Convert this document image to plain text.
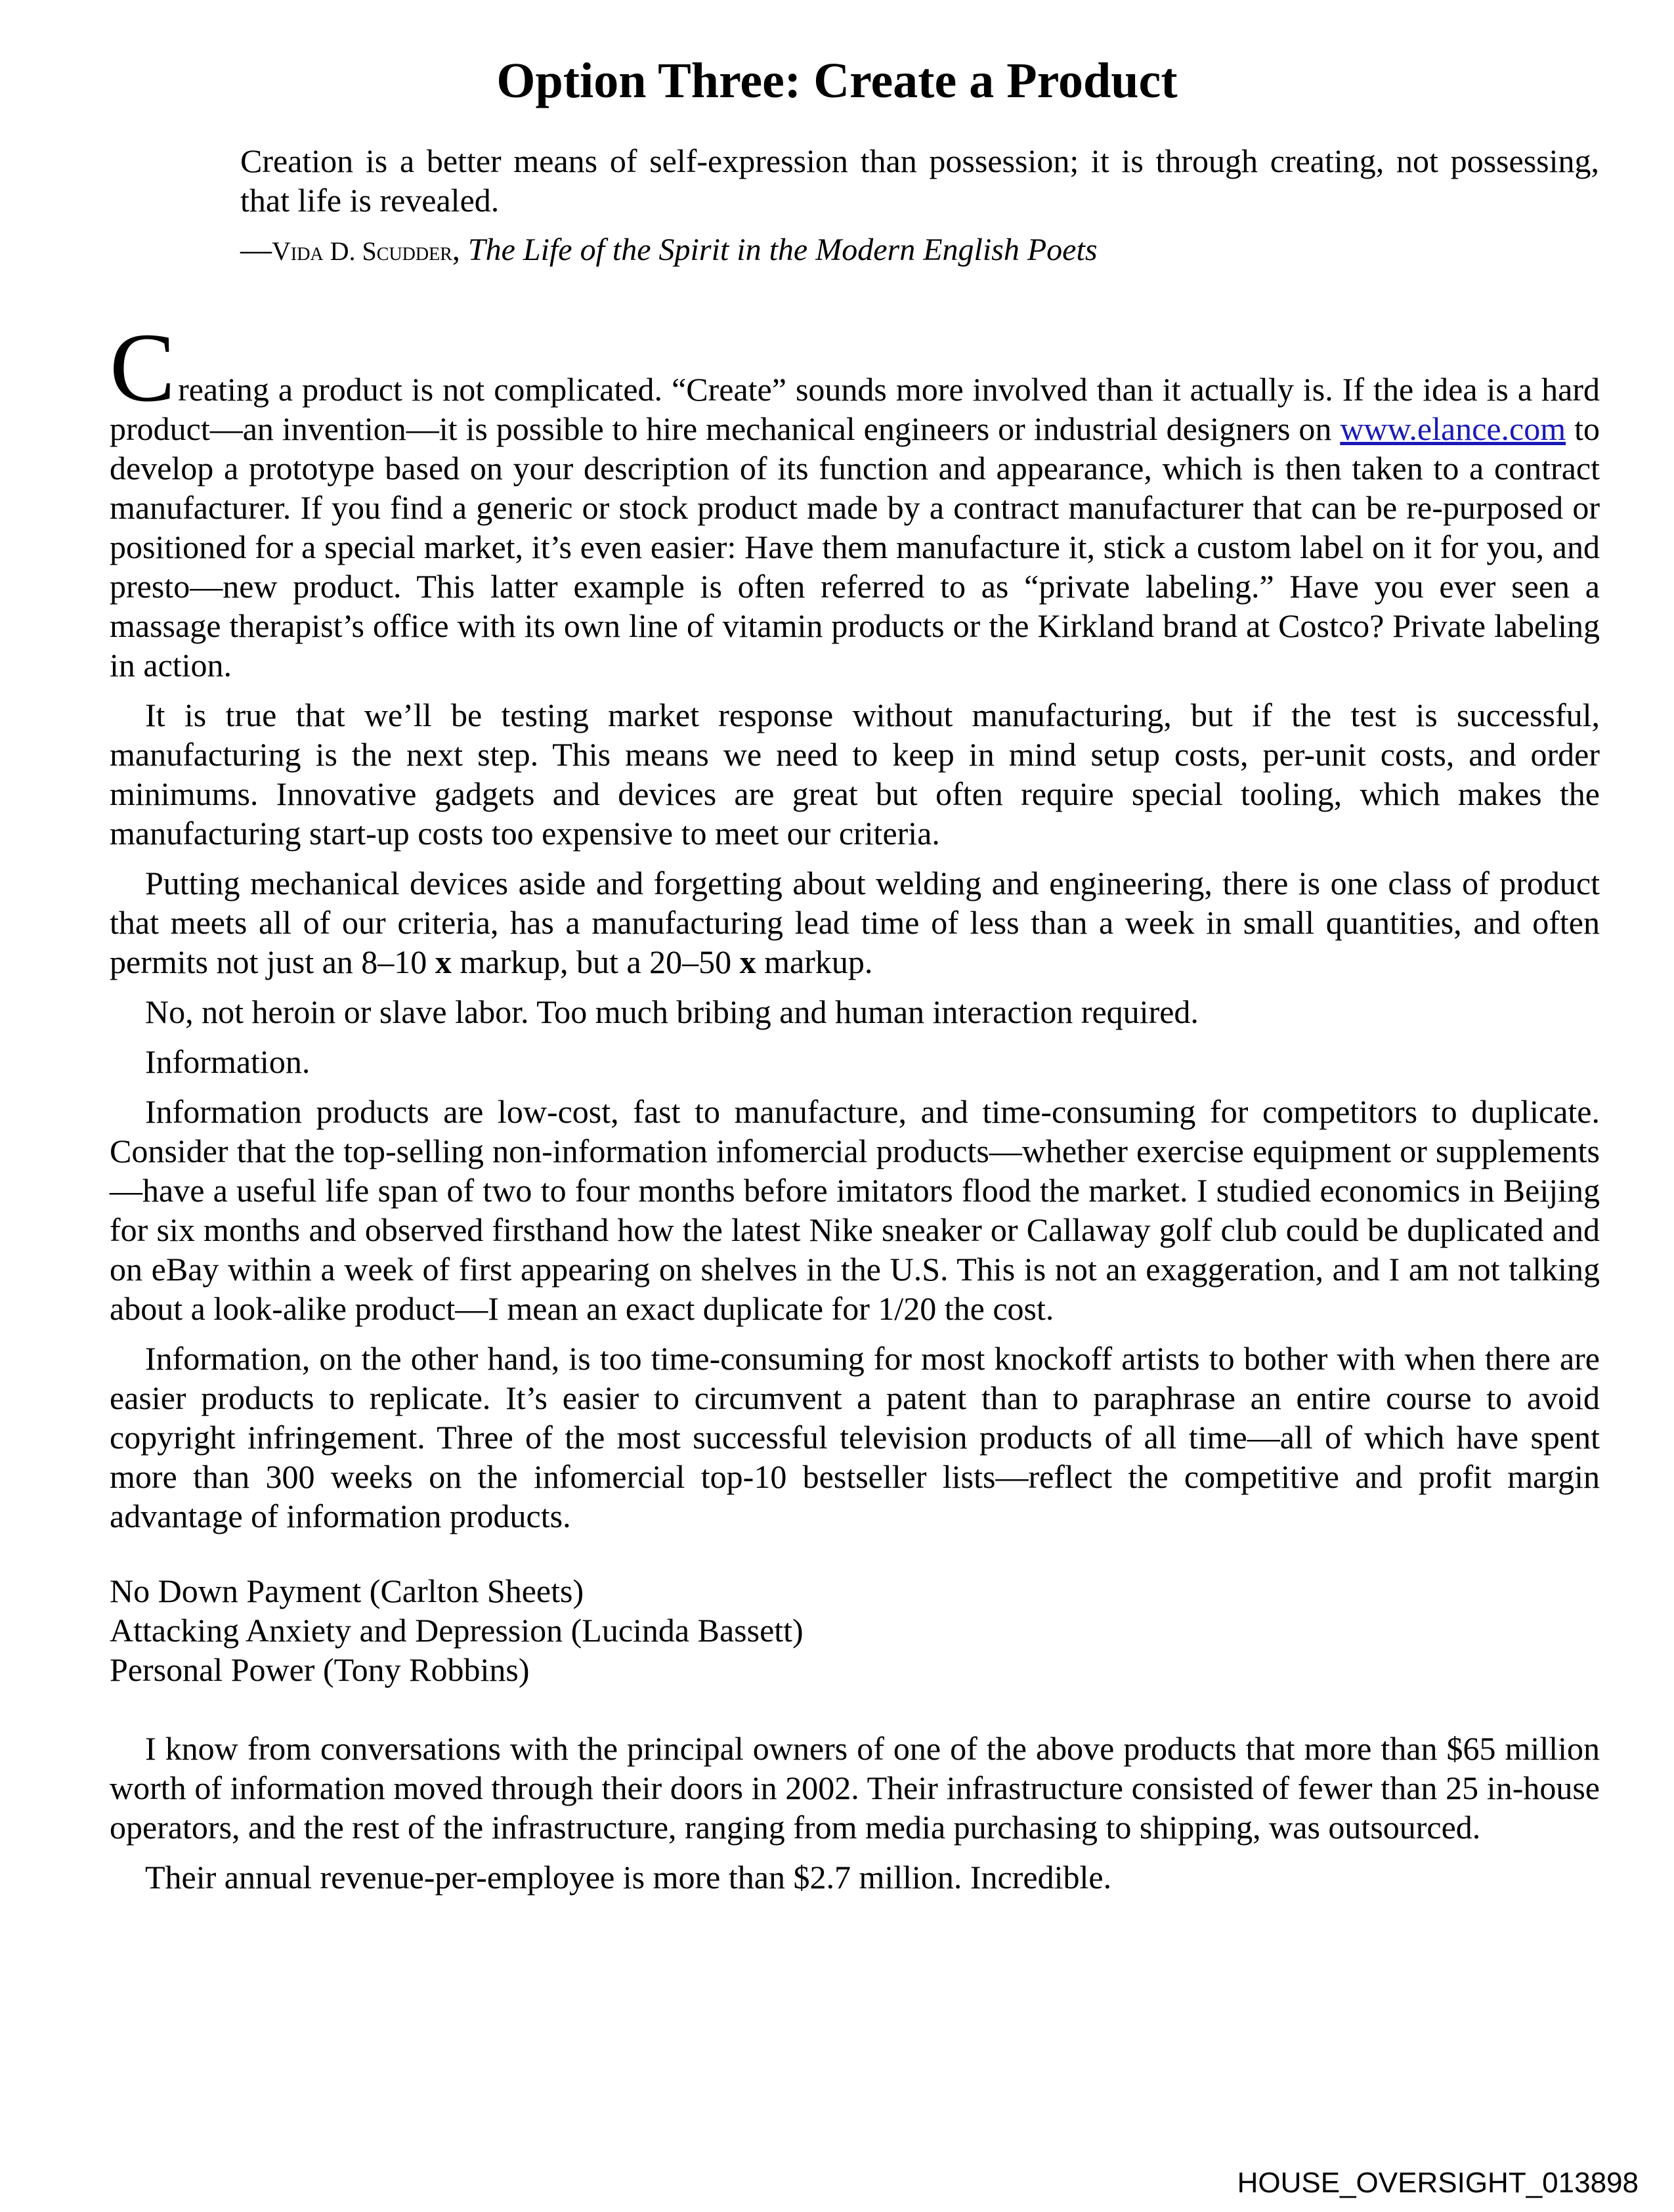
Option Three: Create a Product

Creation is a better means of self-expression than possession; it is through creating, not possessing, that life is revealed.

—Vida D. Scudder, The Life of the Spirit in the Modern English Poets

Creating a product is not complicated. “Create” sounds more involved than it actually is. If the idea is a hard product—an invention—it is possible to hire mechanical engineers or industrial designers on www.elance.com to develop a prototype based on your description of its function and appearance, which is then taken to a contract manufacturer. If you find a generic or stock product made by a contract manufacturer that can be re-purposed or positioned for a special market, it’s even easier: Have them manufacture it, stick a custom label on it for you, and presto—new product. This latter example is often referred to as “private labeling.” Have you ever seen a massage therapist’s office with its own line of vitamin products or the Kirkland brand at Costco? Private labeling in action.

It is true that we’ll be testing market response without manufacturing, but if the test is successful, manufacturing is the next step. This means we need to keep in mind setup costs, per-unit costs, and order minimums. Innovative gadgets and devices are great but often require special tooling, which makes the manufacturing start-up costs too expensive to meet our criteria.

Putting mechanical devices aside and forgetting about welding and engineering, there is one class of product that meets all of our criteria, has a manufacturing lead time of less than a week in small quantities, and often permits not just an 8–10 x markup, but a 20–50 x markup.

No, not heroin or slave labor. Too much bribing and human interaction required.

Information.

Information products are low-cost, fast to manufacture, and time-consuming for competitors to duplicate. Consider that the top-selling non-information infomercial products—whether exercise equipment or supplements—have a useful life span of two to four months before imitators flood the market. I studied economics in Beijing for six months and observed firsthand how the latest Nike sneaker or Callaway golf club could be duplicated and on eBay within a week of first appearing on shelves in the U.S. This is not an exaggeration, and I am not talking about a look-alike product—I mean an exact duplicate for 1/20 the cost.

Information, on the other hand, is too time-consuming for most knockoff artists to bother with when there are easier products to replicate. It’s easier to circumvent a patent than to paraphrase an entire course to avoid copyright infringement. Three of the most successful television products of all time—all of which have spent more than 300 weeks on the infomercial top-10 bestseller lists—reflect the competitive and profit margin advantage of information products.

No Down Payment (Carlton Sheets)
Attacking Anxiety and Depression (Lucinda Bassett)
Personal Power (Tony Robbins)

I know from conversations with the principal owners of one of the above products that more than $65 million worth of information moved through their doors in 2002. Their infrastructure consisted of fewer than 25 in-house operators, and the rest of the infrastructure, ranging from media purchasing to shipping, was outsourced.

Their annual revenue-per-employee is more than $2.7 million. Incredible.

HOUSE_OVERSIGHT_013898
